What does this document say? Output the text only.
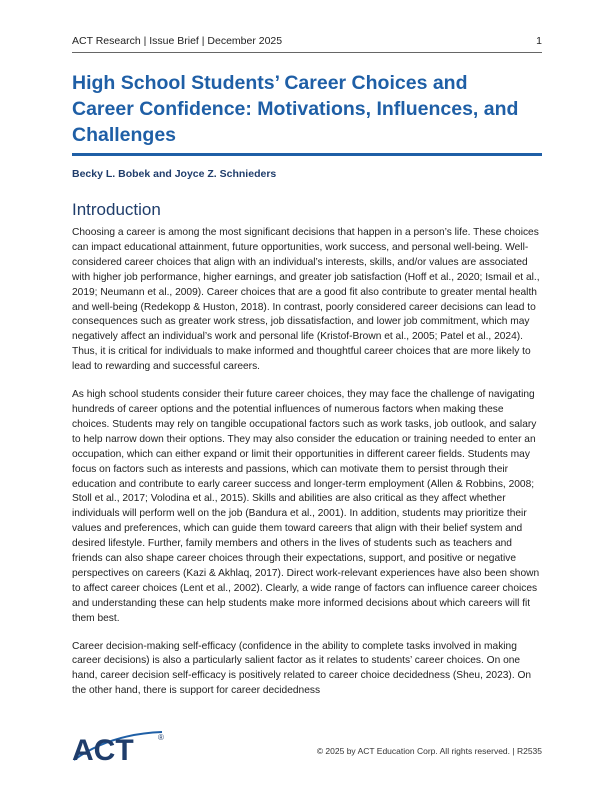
ACT Research | Issue Brief | December 2025	1
High School Students’ Career Choices and
Career Confidence: Motivations, Influences, and
Challenges
Becky L. Bobek and Joyce Z. Schnieders
Introduction

Choosing a career is among the most significant decisions that happen in a person’s life. These choices can impact educational attainment, future opportunities, work success, and personal well-being. Well-considered career choices that align with an individual’s interests, skills, and/or values are associated with higher job performance, higher earnings, and greater job satisfaction (Hoff et al., 2020; Ismail et al., 2019; Neumann et al., 2009). Career choices that are a good fit also contribute to greater mental health and well-being (Redekopp & Huston, 2018). In contrast, poorly considered career decisions can lead to consequences such as greater work stress, job dissatisfaction, and lower job commitment, which may negatively affect an individual’s work and personal life (Kristof-Brown et al., 2005; Patel et al., 2024). Thus, it is critical for individuals to make informed and thoughtful career choices that are more likely to lead to rewarding and successful careers.

As high school students consider their future career choices, they may face the challenge of navigating hundreds of career options and the potential influences of numerous factors when making these choices. Students may rely on tangible occupational factors such as work tasks, job outlook, and salary to help narrow down their options. They may also consider the education or training needed to enter an occupation, which can either expand or limit their opportunities in different career fields. Students may focus on factors such as interests and passions, which can motivate them to persist through their education and contribute to early career success and longer-term employment (Allen & Robbins, 2008; Stoll et al., 2017; Volodina et al., 2015). Skills and abilities are also critical as they affect whether individuals will perform well on the job (Bandura et al., 2001). In addition, students may prioritize their values and preferences, which can guide them toward careers that align with their belief system and desired lifestyle. Further, family members and others in the lives of students such as teachers and friends can also shape career choices through their expectations, support, and positive or negative perspectives on careers (Kazi & Akhlaq, 2017). Direct work-relevant experiences have also been shown to affect career choices (Lent et al., 2002). Clearly, a wide range of factors can influence career choices and understanding these can help students make more informed decisions about which careers will fit them best.

Career decision-making self-efficacy (confidence in the ability to complete tasks involved in making career decisions) is also a particularly salient factor as it relates to students’ career choices. On one hand, career decision self-efficacy is positively related to career choice decidedness (Sheu, 2023). On the other hand, there is support for career decidedness

ACT	®
© 2025 by ACT Education Corp. All rights reserved. | R2535
